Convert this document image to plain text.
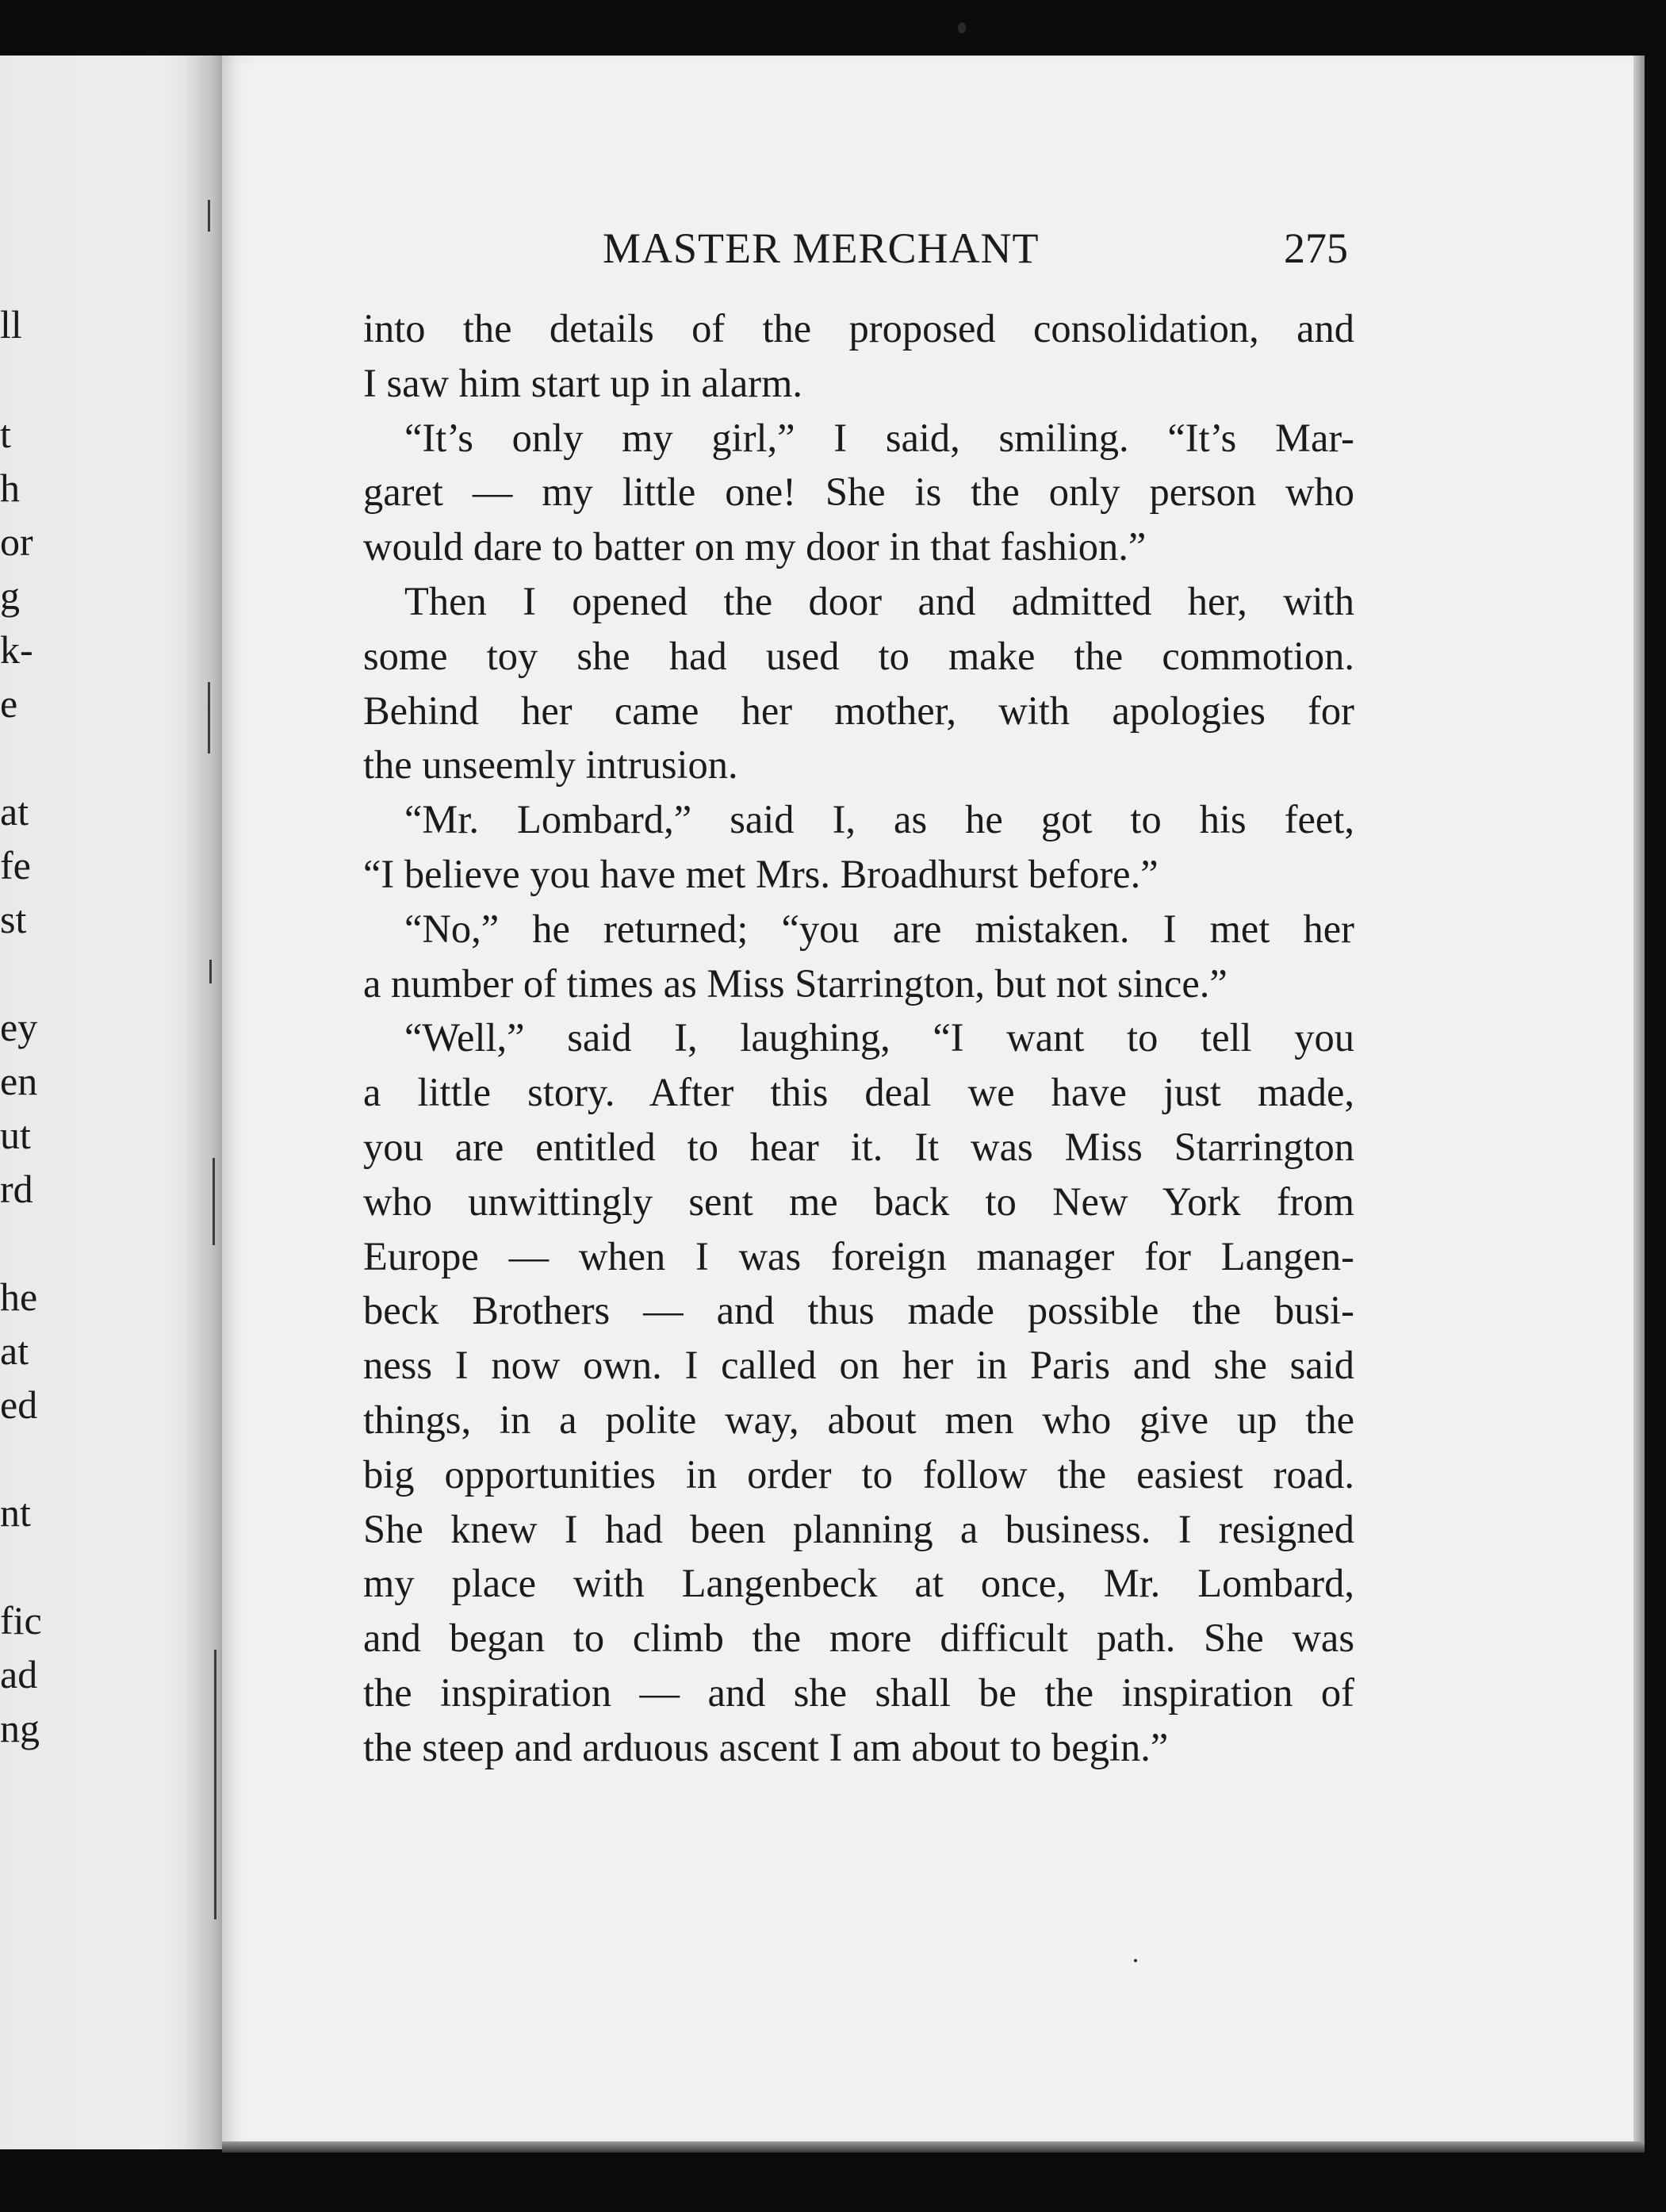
ll
t
h
or
g
k-
e
at
fe
st
ey
en
ut
rd
he
at
ed
nt
fic
ad
ng
MASTER MERCHANT	275
into the details of the proposed consolidation, and
I saw him start up in alarm.
“It’s only my girl,” I said, smiling. “It’s Mar-
garet — my little one! She is the only person who
would dare to batter on my door in that fashion.”
Then I opened the door and admitted her, with
some toy she had used to make the commotion.
Behind her came her mother, with apologies for
the unseemly intrusion.
“Mr. Lombard,” said I, as he got to his feet,
“I believe you have met Mrs. Broadhurst before.”
“No,” he returned; “you are mistaken. I met her
a number of times as Miss Starrington, but not since.”
“Well,” said I, laughing, “I want to tell you
a little story. After this deal we have just made,
you are entitled to hear it. It was Miss Starrington
who unwittingly sent me back to New York from
Europe — when I was foreign manager for Langen-
beck Brothers — and thus made possible the busi-
ness I now own. I called on her in Paris and she said
things, in a polite way, about men who give up the
big opportunities in order to follow the easiest road.
She knew I had been planning a business. I resigned
my place with Langenbeck at once, Mr. Lombard,
and began to climb the more difficult path. She was
the inspiration — and she shall be the inspiration of
the steep and arduous ascent I am about to begin.”
